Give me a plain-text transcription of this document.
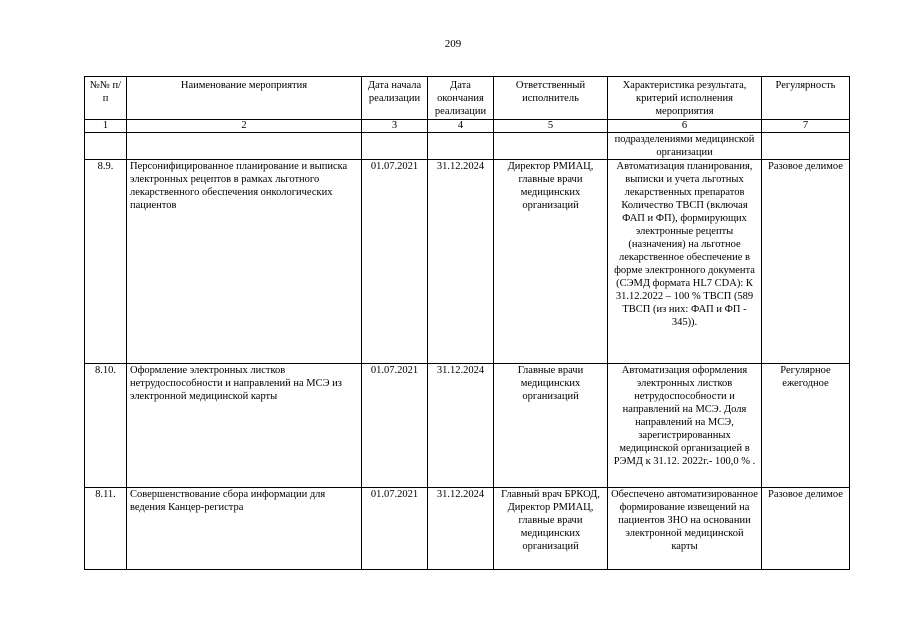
209
№№ п/п	Наименование мероприятия	Дата начала реализации	Дата окончания реализации	Ответственный исполнитель	Характеристика результата, критерий исполнения мероприятия	Регулярность
1	2	3	4	5	6	7
					подразделениями медицинской организации	
8.9.	Персонифицированное планирование и выписка электронных рецептов в рамках льготного лекарственного обеспечения онкологических пациентов	01.07.2021	31.12.2024	Директор РМИАЦ, главные врачи медицинских организаций	Автоматизация планирования, выписки и учета льготных лекарственных препаратов Количество ТВСП (включая ФАП и ФП), формирующих электронные рецепты (назначения) на льготное лекарственное обеспечение в форме электронного документа (СЭМД формата HL7 CDA): К 31.12.2022 – 100 % ТВСП (589 ТВСП (из них: ФАП и ФП - 345)).	Разовое делимое
8.10.	Оформление электронных листков нетрудоспособности и направлений на МСЭ из электронной медицинской карты	01.07.2021	31.12.2024	Главные врачи медицинских организаций	Автоматизация оформления электронных листков нетрудоспособности и направлений на МСЭ. Доля направлений на МСЭ, зарегистрированных медицинской организацией в РЭМД к 31.12. 2022г.- 100,0 % .	Регулярное ежегодное
8.11.	Совершенствование сбора информации для ведения Канцер-регистра	01.07.2021	31.12.2024	Главный врач БРКОД, Директор РМИАЦ, главные врачи медицинских организаций	Обеспечено автоматизированное формирование извещений на пациентов ЗНО на основании электронной медицинской карты	Разовое делимое
